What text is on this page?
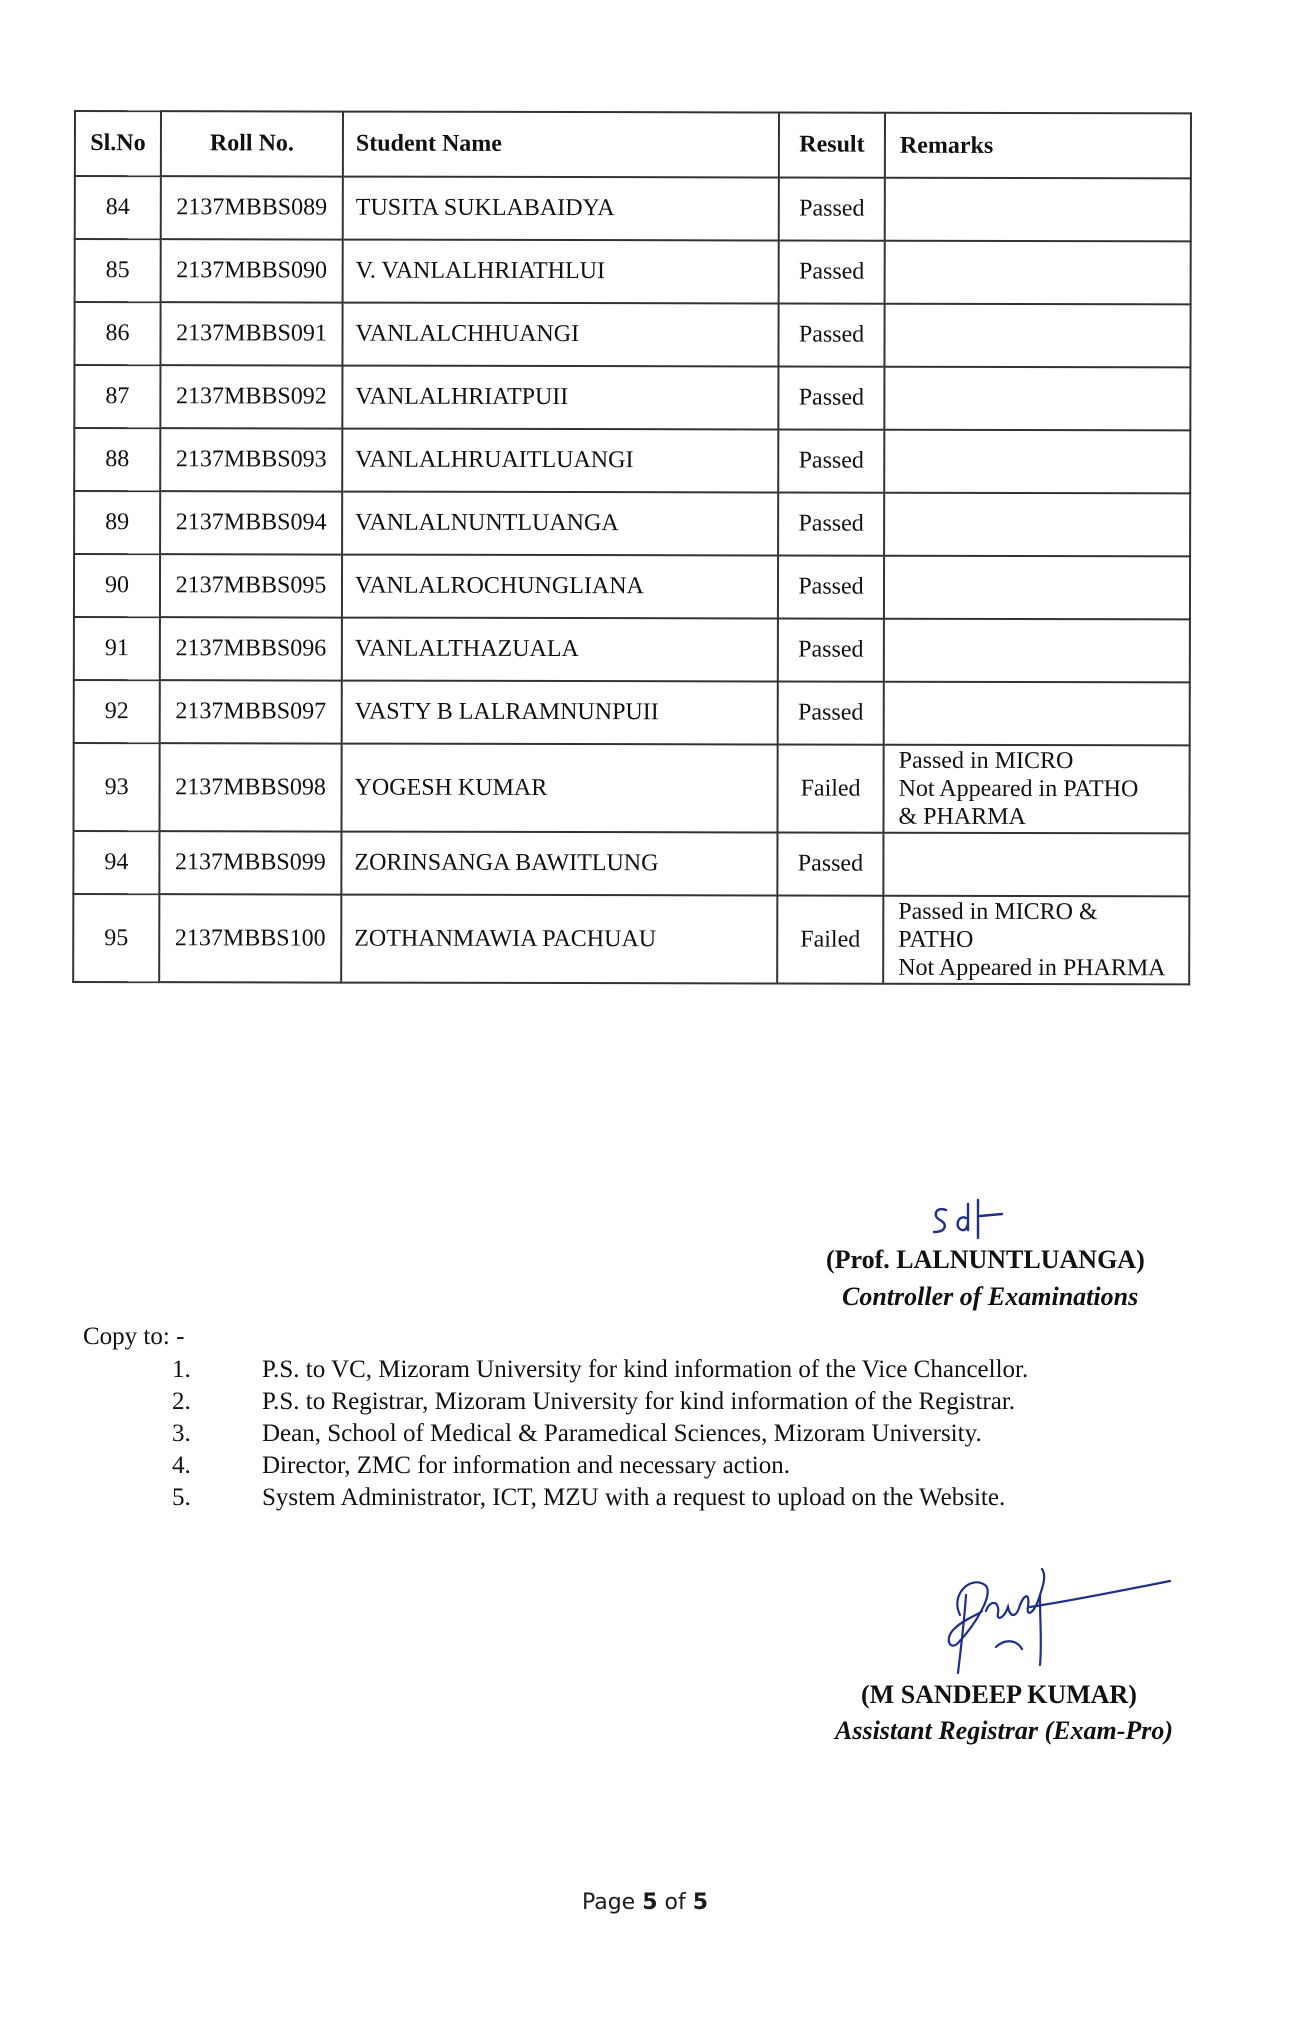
Sl.No	Roll No.	Student Name	Result	Remarks
84	2137MBBS089	TUSITA SUKLABAIDYA	Passed	
85	2137MBBS090	V. VANLALHRIATHLUI	Passed	
86	2137MBBS091	VANLALCHHUANGI	Passed	
87	2137MBBS092	VANLALHRIATPUII	Passed	
88	2137MBBS093	VANLALHRUAITLUANGI	Passed	
89	2137MBBS094	VANLALNUNTLUANGA	Passed	
90	2137MBBS095	VANLALROCHUNGLIANA	Passed	
91	2137MBBS096	VANLALTHAZUALA	Passed	
92	2137MBBS097	VASTY B LALRAMNUNPUII	Passed	
93	2137MBBS098	YOGESH KUMAR	Failed	Passed in MICRO
Not Appeared in PATHO
& PHARMA

94	2137MBBS099	ZORINSANGA BAWITLUNG	Passed	
95	2137MBBS100	ZOTHANMAWIA PACHUAU	Failed	Passed in MICRO &
PATHO
Not Appeared in PHARMA
(Prof. LALNUNTLUANGA)
Controller of Examinations
Copy to: -
1.	P.S. to VC, Mizoram University for kind information of the Vice Chancellor.
2.	P.S. to Registrar, Mizoram University for kind information of the Registrar.
3.	Dean, School of Medical & Paramedical Sciences, Mizoram University.
4.	Director, ZMC for information and necessary action.
5.	System Administrator, ICT, MZU with a request to upload on the Website.
(M SANDEEP KUMAR)
Assistant Registrar (Exam-Pro)
Page 5 of 5
